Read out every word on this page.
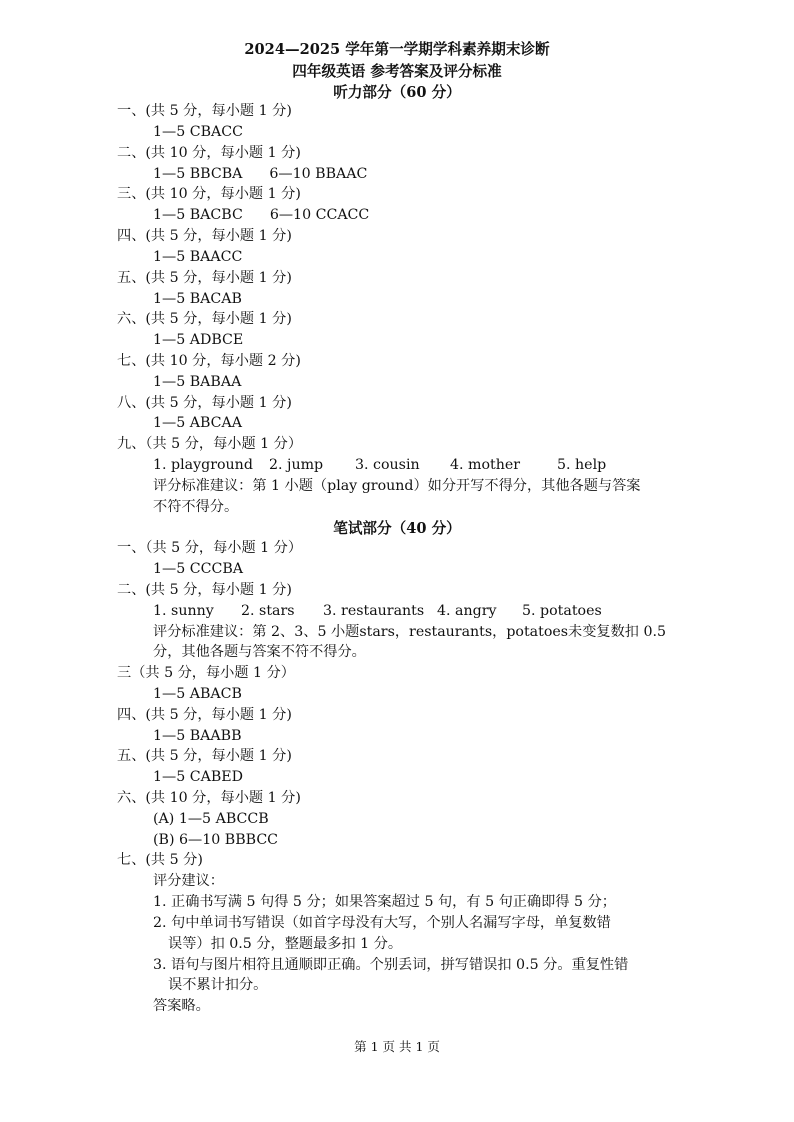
2024—2025 学年第一学期学科素养期末诊断
四年级英语 参考答案及评分标准
听力部分（60 分）
一、(共 5 分，每小题 1 分)
1—5 CBACC
二、(共 10 分，每小题 1 分)
1—5 BBCBA 6—10 BBAAC
三、(共 10 分，每小题 1 分)
1—5 BACBC 6—10 CCACC
四、(共 5 分，每小题 1 分)
1—5 BAACC
五、(共 5 分，每小题 1 分)
1—5 BACAB
六、(共 5 分，每小题 1 分)
1—5 ADBCE
七、(共 10 分，每小题 2 分)
1—5 BABAA
八、(共 5 分，每小题 1 分)
1—5 ABCAA
九、（共 5 分，每小题 1 分）
1. playground 2. jump 3. cousin 4. mother	5. help
评分标准建议：第 1 小题（play ground）如分开写不得分，其他各题与答案
不符不得分。
笔试部分（40 分）
一、（共 5 分，每小题 1 分）
1—5 CCCBA
二、(共 5 分，每小题 1 分)
1. sunny 2. stars 3. restaurants 4. angry 5. potatoes
评分标准建议：第 2、3、5 小题stars，restaurants，potatoes未变复数扣 0.5
分，其他各题与答案不符不得分。
三（共 5 分，每小题 1 分）
1—5 ABACB
四、(共 5 分，每小题 1 分)
1—5 BAABB
五、(共 5 分，每小题 1 分)
1—5 CABED
六、(共 10 分，每小题 1 分)
(A) 1—5 ABCCB
(B) 6—10 BBBCC
七、(共 5 分)
评分建议：
1. 正确书写满 5 句得 5 分；如果答案超过 5 句，有 5 句正确即得 5 分；
2. 句中单词书写错误（如首字母没有大写，个别人名漏写字母，单复数错
误等）扣 0.5 分，整题最多扣 1 分。
3. 语句与图片相符且通顺即正确。个别丢词，拼写错误扣 0.5 分。重复性错
误不累计扣分。
答案略。
第 1 页 共 1 页
